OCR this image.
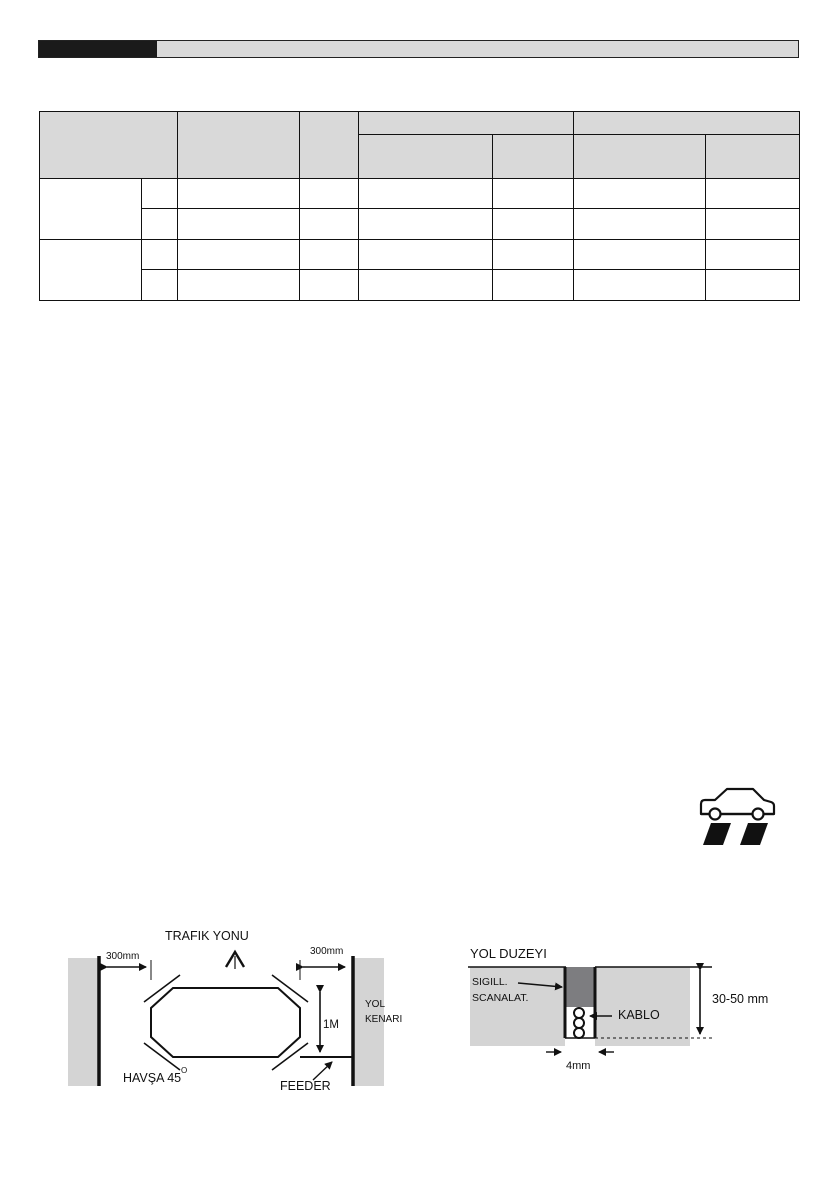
TRAFIK YONU
300mm	300mm
YOL
KENARI
1M
HAVŞA 45
O
FEEDER
YOL DUZEYI
SIGILL.
SCANALAT.
KABLO
30-50 mm
4mm
